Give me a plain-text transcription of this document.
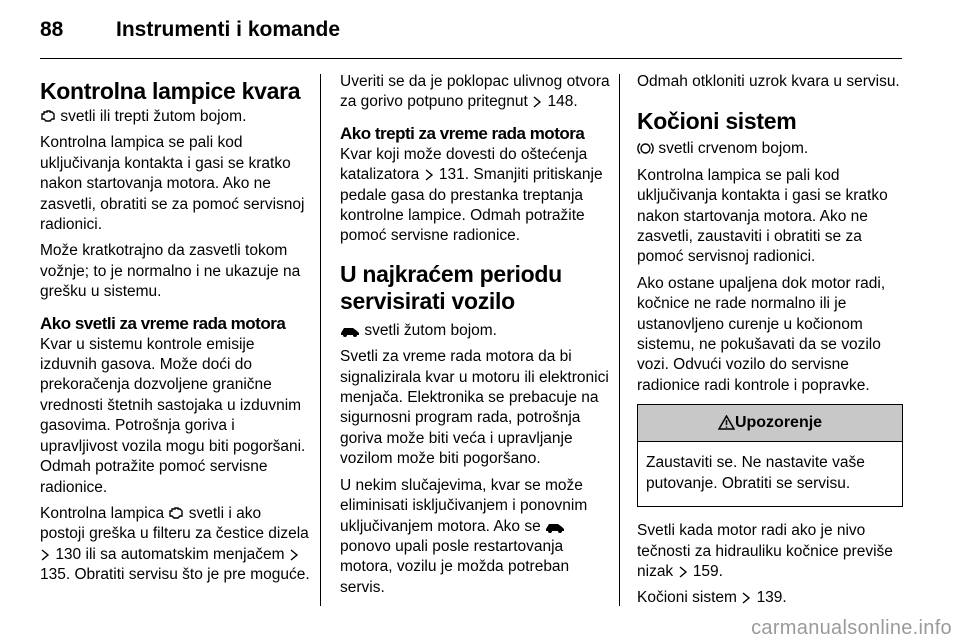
88	Instrumenti i komande
Kontrolna lampice kvara

svetli ili trepti žutom bojom.

Kontrolna lampica se pali kod uključivanja kontakta i gasi se kratko nakon startovanja motora. Ako ne zasvetli, obratiti se za pomoć servisnoj radionici.

Može kratkotrajno da zasvetli tokom vožnje; to je normalno i ne ukazuje na grešku u sistemu.

Ako svetli za vreme rada motora

Kvar u sistemu kontrole emisije izduvnih gasova. Može doći do prekoračenja dozvoljene granične vrednosti štetnih sastojaka u izduvnim gasovima. Potrošnja goriva i upravljivost vozila mogu biti pogoršani. Odmah potražite pomoć servisne radionice.

Kontrolna lampica svetli i ako postoji greška u filteru za čestice dizela  130 ili sa automatskim menjačem  135. Obratiti servisu što je pre moguće.

Uveriti se da je poklopac ulivnog otvora za gorivo potpuno pritegnut 148.

Ako trepti za vreme rada motora

Kvar koji može dovesti do oštećenja katalizatora 131. Smanjiti pritiskanje pedale gasa do prestanka treptanja kontrolne lampice. Odmah potražite pomoć servisne radionice.

U najkraćem periodu servisirati vozilo

svetli žutom bojom.

Svetli za vreme rada motora da bi signalizirala kvar u motoru ili elektronici menjača. Elektronika se prebacuje na sigurnosni program rada, potrošnja goriva može biti veća i upravljanje vozilom može biti pogoršano.

U nekim slučajevima, kvar se može eliminisati isključivanjem i ponovnim uključivanjem motora. Ako se  ponovo upali posle restartovanja motora, vozilu je možda potreban servis.

Odmah otkloniti uzrok kvara u servisu.

Kočioni sistem

svetli crvenom bojom.

Kontrolna lampica se pali kod uključivanja kontakta i gasi se kratko nakon startovanja motora. Ako ne zasvetli, zaustaviti i obratiti se za pomoć servisnoj radionici.

Ako ostane upaljena dok motor radi, kočnice ne rade normalno ili je ustanovljeno curenje u kočionom sistemu, ne pokušavati da se vozilo vozi. Odvući vozilo do servisne radionice radi kontrole i popravke.

Upozorenje
Zaustaviti se. Ne nastavite vaše putovanje. Obratiti se servisu.

Svetli kada motor radi ako je nivo tečnosti za hidrauliku kočnice previše nizak 159.

Kočioni sistem 139.

carmanualsonline.info
